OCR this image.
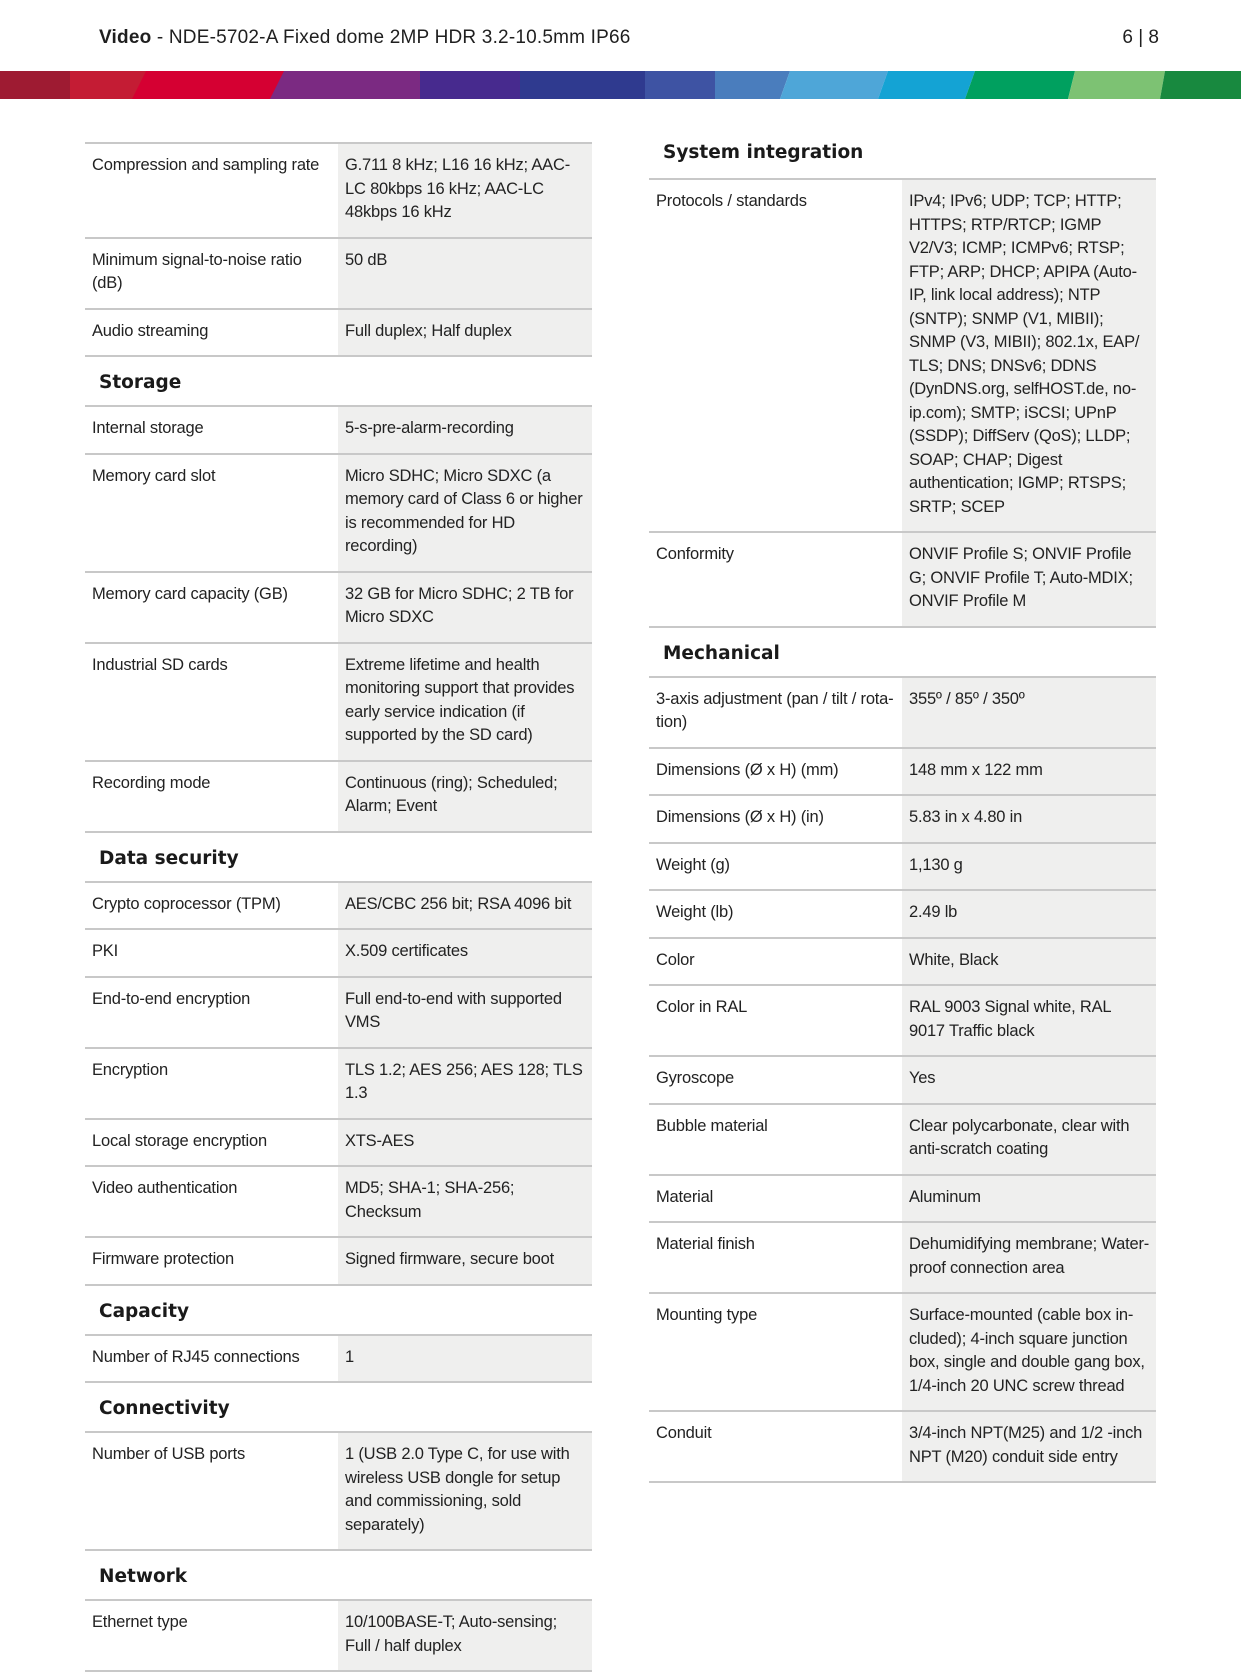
Video - NDE-5702-A Fixed dome 2MP HDR 3.2-10.5mm IP66	6 | 8
Compression and sampling rate	G.711 8 kHz; L16 16 kHz; AAC-LC 80kbps 16 kHz; AAC-LC 48kbps 16 kHz
Minimum signal-to-noise ratio (dB)	50 dB
Audio streaming	Full duplex; Half duplex
Storage
Internal storage	5-s-pre-alarm-recording
Memory card slot	Micro SDHC; Micro SDXC (a memory card of Class 6 or higher is recommended for HD recording)
Memory card capacity (GB)	32 GB for Micro SDHC; 2 TB for Micro SDXC
Industrial SD cards	Extreme lifetime and health monitoring support that provides early service indication (if supported by the SD card)
Recording mode	Continuous (ring); Scheduled; Alarm; Event
Data security
Crypto coprocessor (TPM)	AES/CBC 256 bit; RSA 4096 bit
PKI	X.509 certificates
End-to-end encryption	Full end-to-end with supported VMS
Encryption	TLS 1.2; AES 256; AES 128; TLS 1.3
Local storage encryption	XTS-AES
Video authentication	MD5; SHA-1; SHA-256; Checksum
Firmware protection	Signed firmware, secure boot
Capacity
Number of RJ45 connections	1
Connectivity
Number of USB ports	1 (USB 2.0 Type C, for use with wireless USB dongle for setup and commissioning, sold separately)
Network
Ethernet type	10/100BASE-T; Auto-sensing; Full / half duplex
System integration
Protocols / standards	IPv4; IPv6; UDP; TCP; HTTP; HTTPS; RTP/RTCP; IGMP V2/V3; ICMP; ICMPv6; RTSP; FTP; ARP; DHCP; APIPA (Auto-IP, link local address); NTP (SNTP); SNMP (V1, MIBII); SNMP (V3, MIBII); 802.1x, EAP/ TLS; DNS; DNSv6; DDNS (DynDNS.org, selfHOST.de, no-ip.com); SMTP; iSCSI; UPnP (SSDP); DiffServ (QoS); LLDP; SOAP; CHAP; Digest authentication; IGMP; RTSPS; SRTP; SCEP
Conformity	ONVIF Profile S; ONVIF Profile G; ONVIF Profile T; Auto-MDIX; ONVIF Profile M
Mechanical
3-axis adjustment (pan / tilt / rotation)	355º / 85º / 350º
Dimensions (Ø x H) (mm)	148 mm x 122 mm
Dimensions (Ø x H) (in)	5.83 in x 4.80 in
Weight (g)	1,130 g
Weight (lb)	2.49 lb
Color	White, Black
Color in RAL	RAL 9003 Signal white, RAL 9017 Traffic black
Gyroscope	Yes
Bubble material	Clear polycarbonate, clear with anti-scratch coating
Material	Aluminum
Material finish	Dehumidifying membrane; Waterproof connection area
Mounting type	Surface-mounted (cable box included); 4-inch square junction box, single and double gang box, 1/4-inch 20 UNC screw thread
Conduit	3/4-inch NPT(M25) and 1/2 -inch NPT (M20) conduit side entry
